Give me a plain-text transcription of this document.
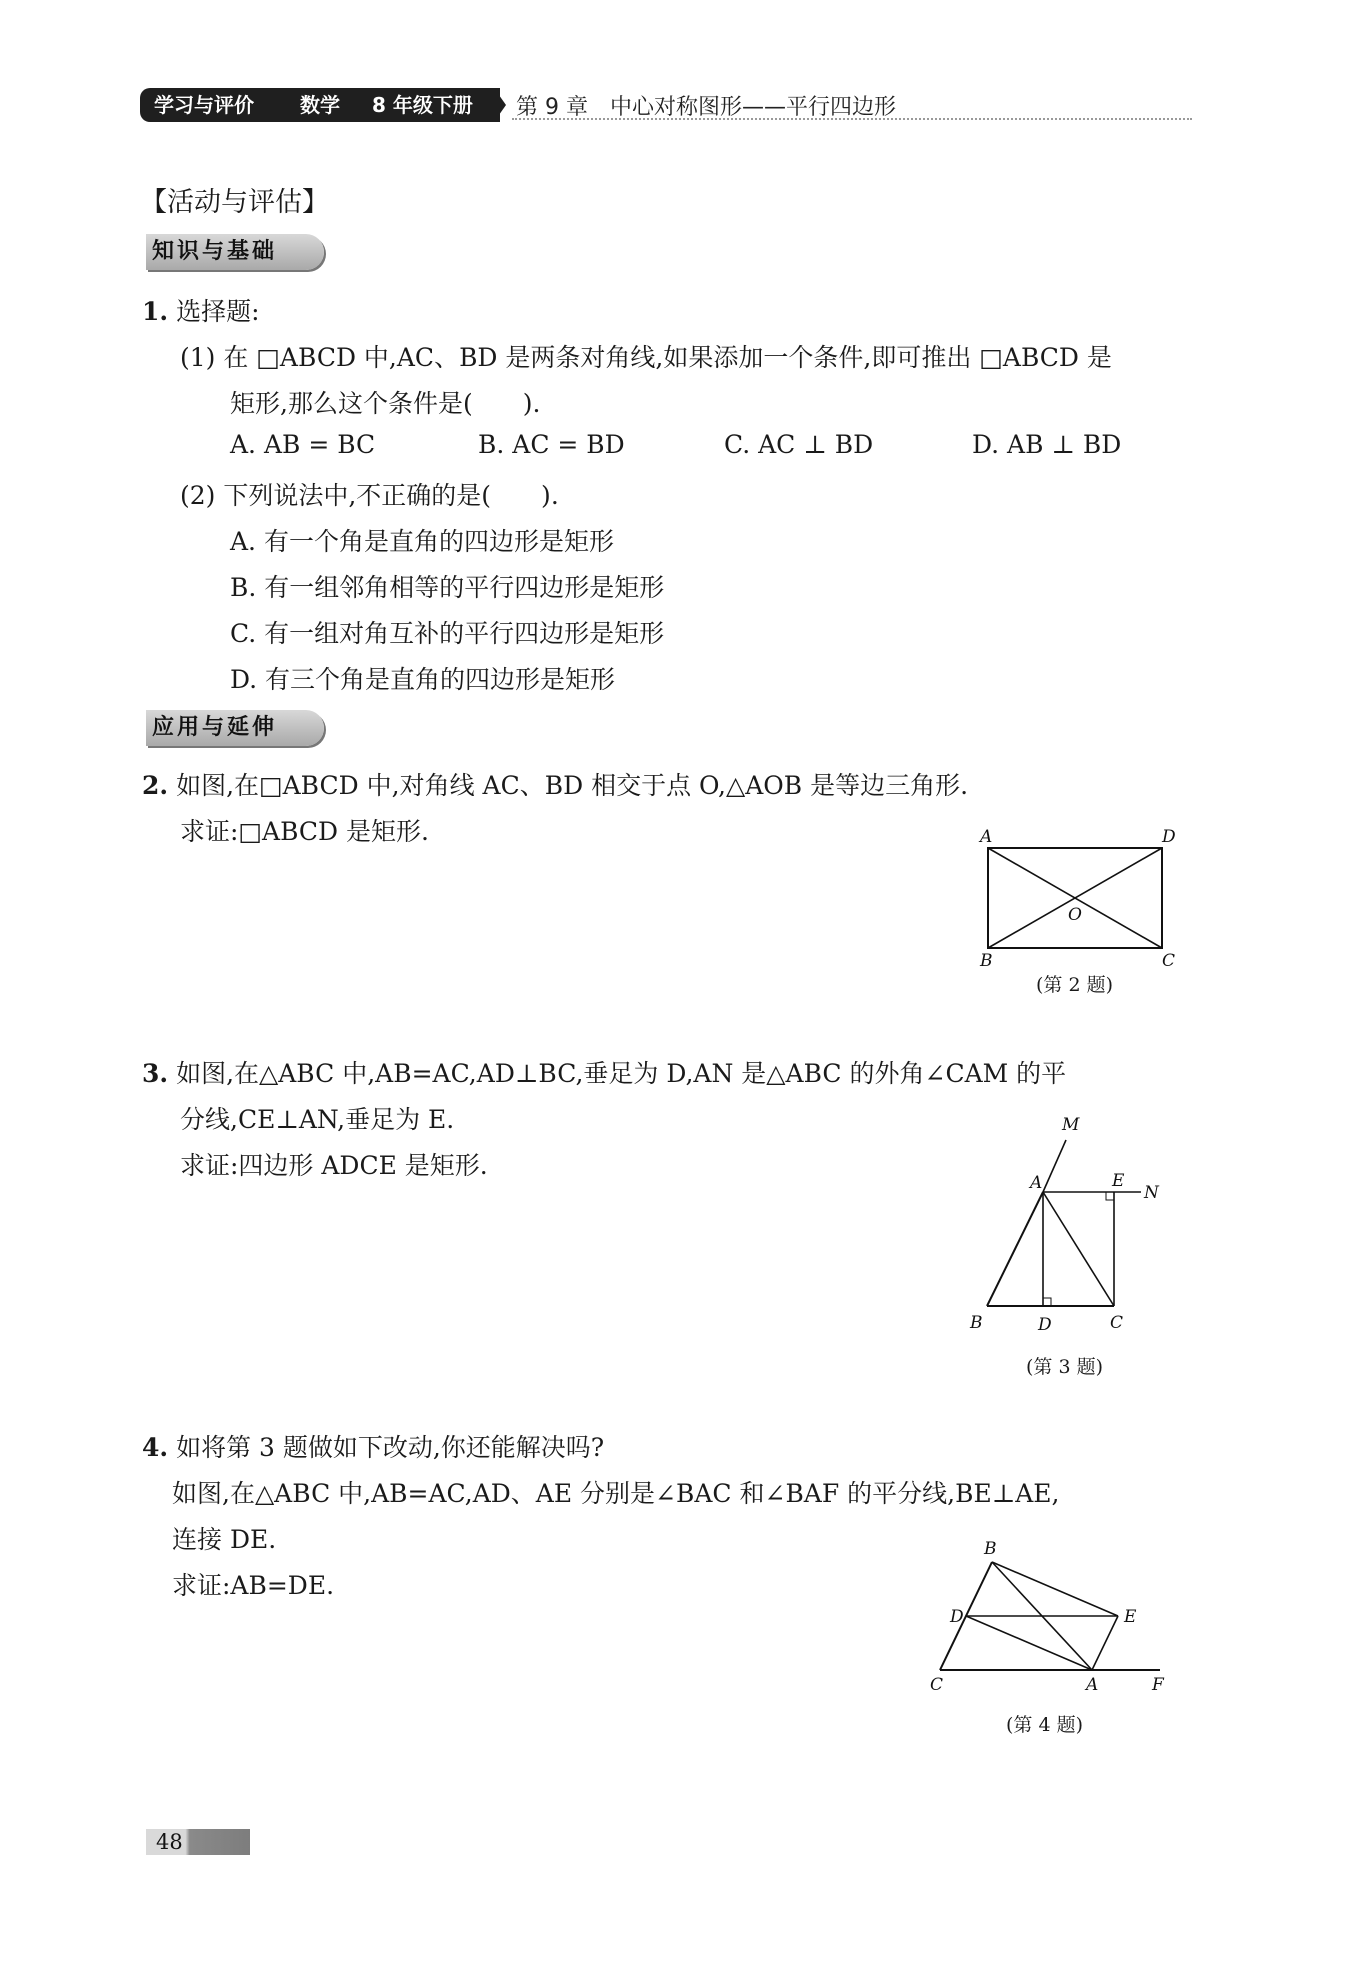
学习与评价 数学 8 年级下册 第 9 章　中心对称图形——平行四边形
【活动与评估】
知识与基础
1. 选择题:
(1) 在 □ABCD 中,AC、BD 是两条对角线,如果添加一个条件,即可推出 □ABCD 是
矩形,那么这个条件是(　　).
A. AB = BC	B. AC = BD	C. AC ⊥ BD	D. AB ⊥ BD
(2) 下列说法中,不正确的是(　　).
A. 有一个角是直角的四边形是矩形
B. 有一组邻角相等的平行四边形是矩形
C. 有一组对角互补的平行四边形是矩形
D. 有三个角是直角的四边形是矩形
应用与延伸
2. 如图,在□ABCD 中,对角线 AC、BD 相交于点 O,△AOB 是等边三角形.
求证:□ABCD 是矩形.	A	D
B	C
O
(第 2 题)
3. 如图,在△ABC 中,AB=AC,AD⊥BC,垂足为 D,AN 是△ABC 的外角∠CAM 的平
分线,CE⊥AN,垂足为 E.
求证:四边形 ADCE 是矩形.
M
A	E
N
B	D	C
(第 3 题)
4. 如将第 3 题做如下改动,你还能解决吗?
如图,在△ABC 中,AB=AC,AD、AE 分别是∠BAC 和∠BAF 的平分线,BE⊥AE,
连接 DE.
求证:AB=DE.
B
D	E
C	A	F
(第 4 题)
48
